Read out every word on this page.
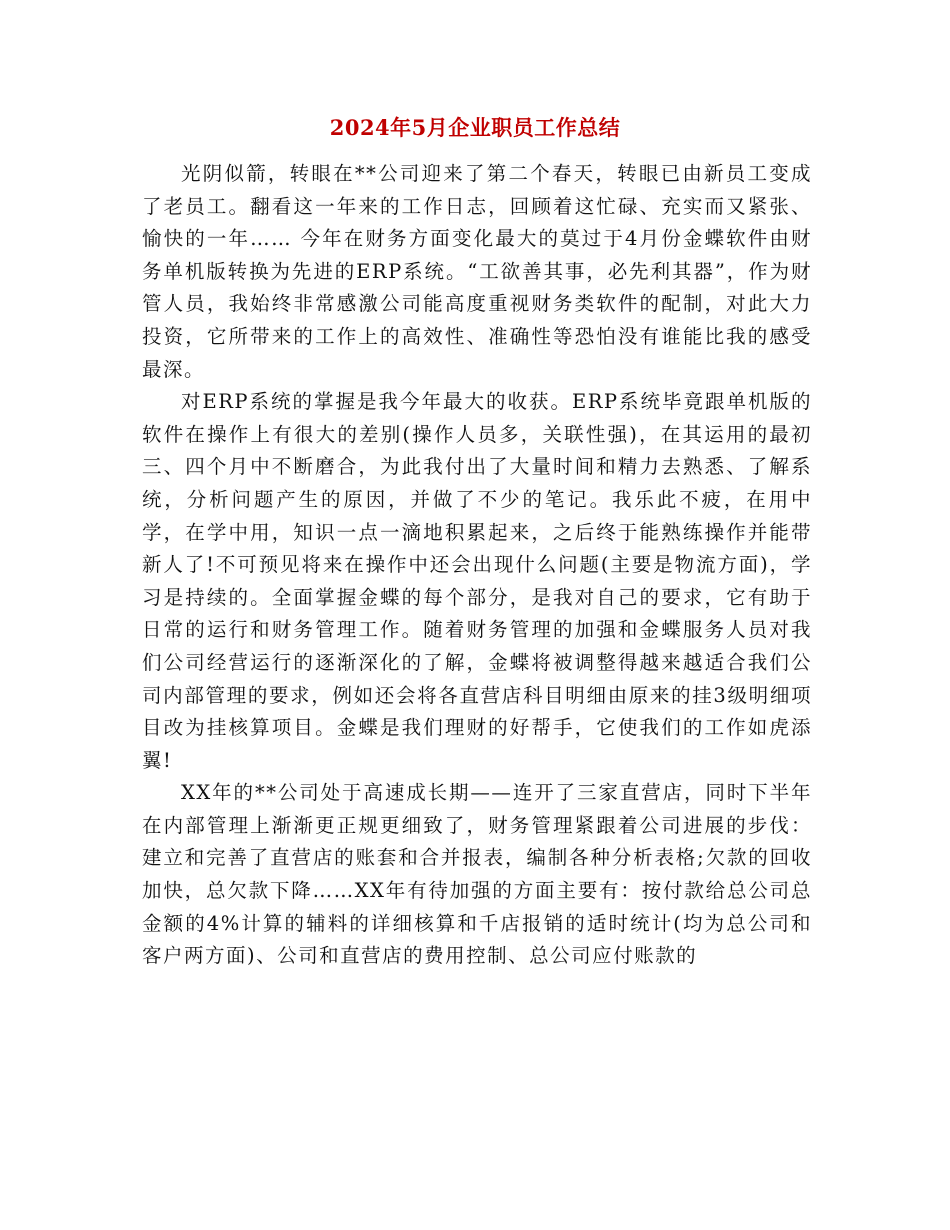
2024年5月企业职员工作总结

光阴似箭，转眼在**公司迎来了第二个春天，转眼已由新员工变成了老员工。翻看这一年来的工作日志，回顾着这忙碌、充实而又紧张、愉快的一年…… 今年在财务方面变化最大的莫过于4月份金蝶软件由财务单机版转换为先进的ERP系统。“工欲善其事，必先利其器”，作为财管人员，我始终非常感激公司能高度重视财务类软件的配制，对此大力投资，它所带来的工作上的高效性、准确性等恐怕没有谁能比我的感受最深。

对ERP系统的掌握是我今年最大的收获。ERP系统毕竟跟单机版的软件在操作上有很大的差别(操作人员多，关联性强)，在其运用的最初三、四个月中不断磨合，为此我付出了大量时间和精力去熟悉、了解系统，分析问题产生的原因，并做了不少的笔记。我乐此不疲，在用中学，在学中用，知识一点一滴地积累起来，之后终于能熟练操作并能带新人了!不可预见将来在操作中还会出现什么问题(主要是物流方面)，学习是持续的。全面掌握金蝶的每个部分，是我对自己的要求，它有助于日常的运行和财务管理工作。随着财务管理的加强和金蝶服务人员对我们公司经营运行的逐渐深化的了解，金蝶将被调整得越来越适合我们公司内部管理的要求，例如还会将各直营店科目明细由原来的挂3级明细项目改为挂核算项目。金蝶是我们理财的好帮手，它使我们的工作如虎添翼!

XX年的**公司处于高速成长期——连开了三家直营店，同时下半年在内部管理上渐渐更正规更细致了，财务管理紧跟着公司进展的步伐：建立和完善了直营店的账套和合并报表，编制各种分析表格;欠款的回收加快，总欠款下降……XX年有待加强的方面主要有：按付款给总公司总金额的4%计算的辅料的详细核算和千店报销的适时统计(均为总公司和客户两方面)、公司和直营店的费用控制、总公司应付账款的
